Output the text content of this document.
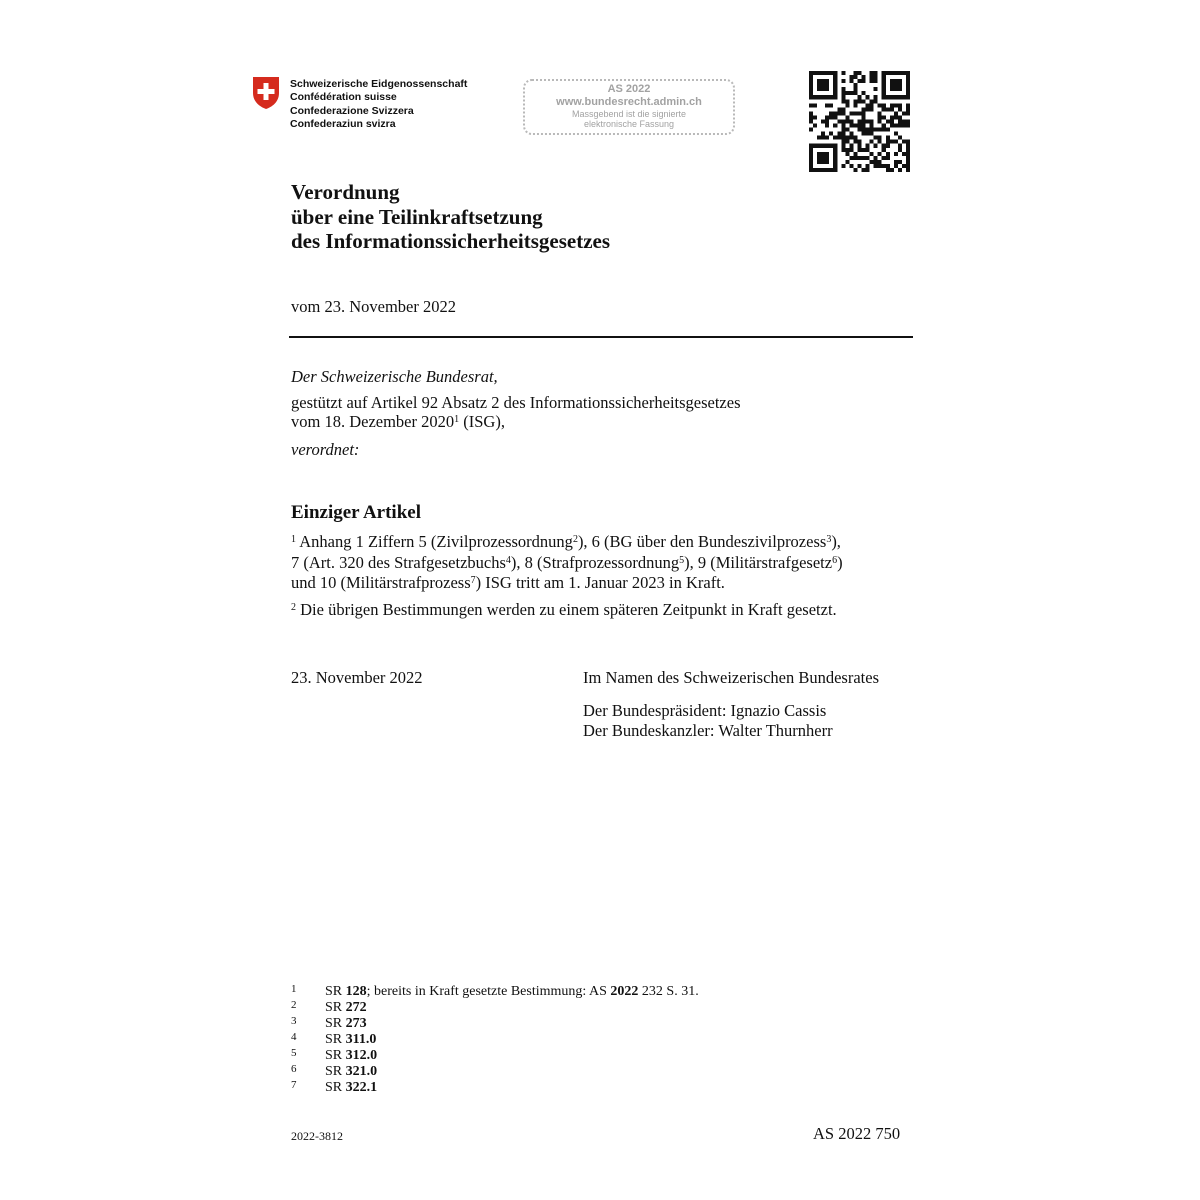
Schweizerische Eidgenossenschaft
Confédération suisse
Confederazione Svizzera
Confederaziun svizra
AS 2022
www.bundesrecht.admin.ch
Massgebend ist die signierte
elektronische Fassung
Verordnung
über eine Teilinkraftsetzung
des Informationssicherheitsgesetzes
vom 23. November 2022
Der Schweizerische Bundesrat,
gestützt auf Artikel 92 Absatz 2 des Informationssicherheitsgesetzes
vom 18. Dezember 2020$^1$ (ISG),
verordnet:
Einziger Artikel
$^1$ Anhang 1 Ziffern 5 (Zivilprozessordnung$^2$), 6 (BG über den Bundeszivilprozess$^3$),
7 (Art. 320 des Strafgesetzbuchs$^4$), 8 (Strafprozessordnung$^5$), 9 (Militärstrafgesetz$^6$)
und 10 (Militärstrafprozess$^7$) ISG tritt am 1. Januar 2023 in Kraft.
$^2$ Die übrigen Bestimmungen werden zu einem späteren Zeitpunkt in Kraft gesetzt.
23. November 2022	Im Namen des Schweizerischen Bundesrates
Der Bundespräsident: Ignazio Cassis
Der Bundeskanzler: Walter Thurnherr
1 SR 128; bereits in Kraft gesetzte Bestimmung: AS 2022 232 S. 31.
2 SR 272
3 SR 273
4 SR 311.0
5 SR 312.0
6 SR 321.0
7 SR 322.1
2022-3812	AS 2022 750
